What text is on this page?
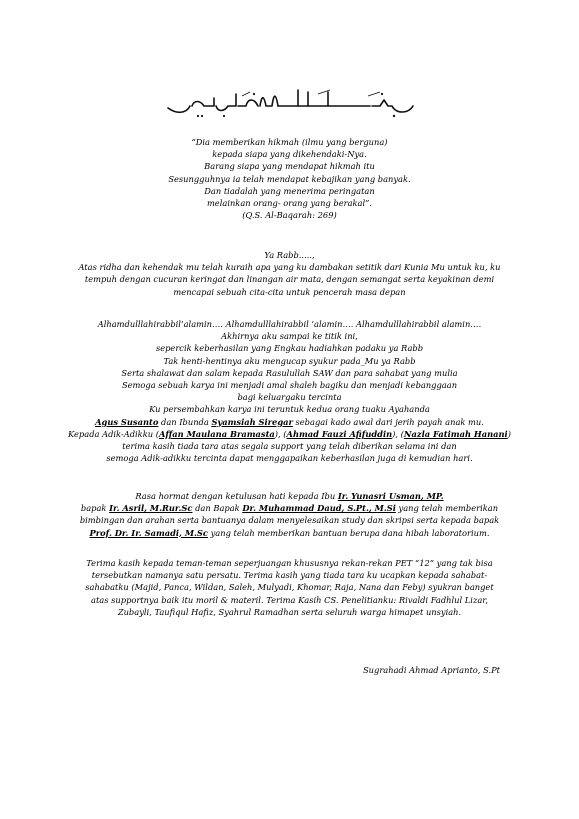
“Dia memberikan hikmah (ilmu yang berguna)
kepada siapa yang dikehendaki-Nya.
Barang siapa yang mendapat hikmah itu
Sesungguhnya ia telah mendapat kebajikan yang banyak.
Dan tiadalah yang menerima peringatan
melainkan orang- orang yang berakal”.
(Q.S. Al-Baqarah: 269)
Ya Rabb.....,
Atas ridha dan kehendak mu telah kuraih apa yang ku dambakan setitik dari Kunia Mu untuk ku, ku
tempuh dengan cucuran keringat dan linangan air mata, dengan semangat serta keyakinan demi
mencapai sebuah cita-cita untuk pencerah masa depan
Alhamdulllahirabbil’alamin…. Alhamdulllahirabbil ‘alamin…. Alhamdulllahirabbil alamin….
Akhirnya aku sampai ke titik ini,
sepercik keberhasilan yang Engkau hadiahkan padaku ya Rabb
Tak henti-hentinya aku mengucap syukur pada_Mu ya Rabb
Serta shalawat dan salam kepada Rasulullah SAW dan para sahabat yang mulia
Semoga sebuah karya ini menjadi amal shaleh bagiku dan menjadi kebanggaan
bagi keluargaku tercinta
Ku persembahkan karya ini teruntuk kedua orang tuaku Ayahanda
Agus Susanto dan Ibunda Syamsiah Siregar sebagai kado awal dari jerih payah anak mu.
Kepada Adik-Adikku (Affan Maulana Bramasta), (Ahmad Fauzi Afifuddin), (Nazla Fatimah Hanani)
terima kasih tiada tara atas segala support yang telah diberikan selama ini dan
semoga Adik-adikku tercinta dapat menggapaikan keberhasilan juga di kemudian hari.
Rasa hormat dengan ketulusan hati kepada Ibu Ir. Yunasri Usman, MP.
bapak Ir. Asril, M.Rur.Sc dan Bapak Dr. Muhammad Daud, S.Pt., M.Si yang telah memberikan
bimbingan dan arahan serta bantuanya dalam menyelesaikan study dan skripsi serta kepada bapak
Prof. Dr. Ir. Samadi, M.Sc yang telah memberikan bantuan berupa dana hibah laboratorium.
Terima kasih kepada teman-teman seperjuangan khususnya rekan-rekan PET “12” yang tak bisa
tersebutkan namanya satu persatu. Terima kasih yang tiada tara ku ucapkan kepada sahabat-
sahabatku (Majid, Panca, Wildan, Saleh, Mulyadi, Khomar, Raja, Nana dan Feby) syukran banget
atas supportnya baik itu moril & materil. Terima Kasih CS. Penelitianku: Rivaldi Fadhlul Lizar,
Zubayli, Taufiqul Hafiz, Syahrul Ramadhan serta seluruh warga himapet unsyiah.
Sugrahadi Ahmad Aprianto, S.Pt
